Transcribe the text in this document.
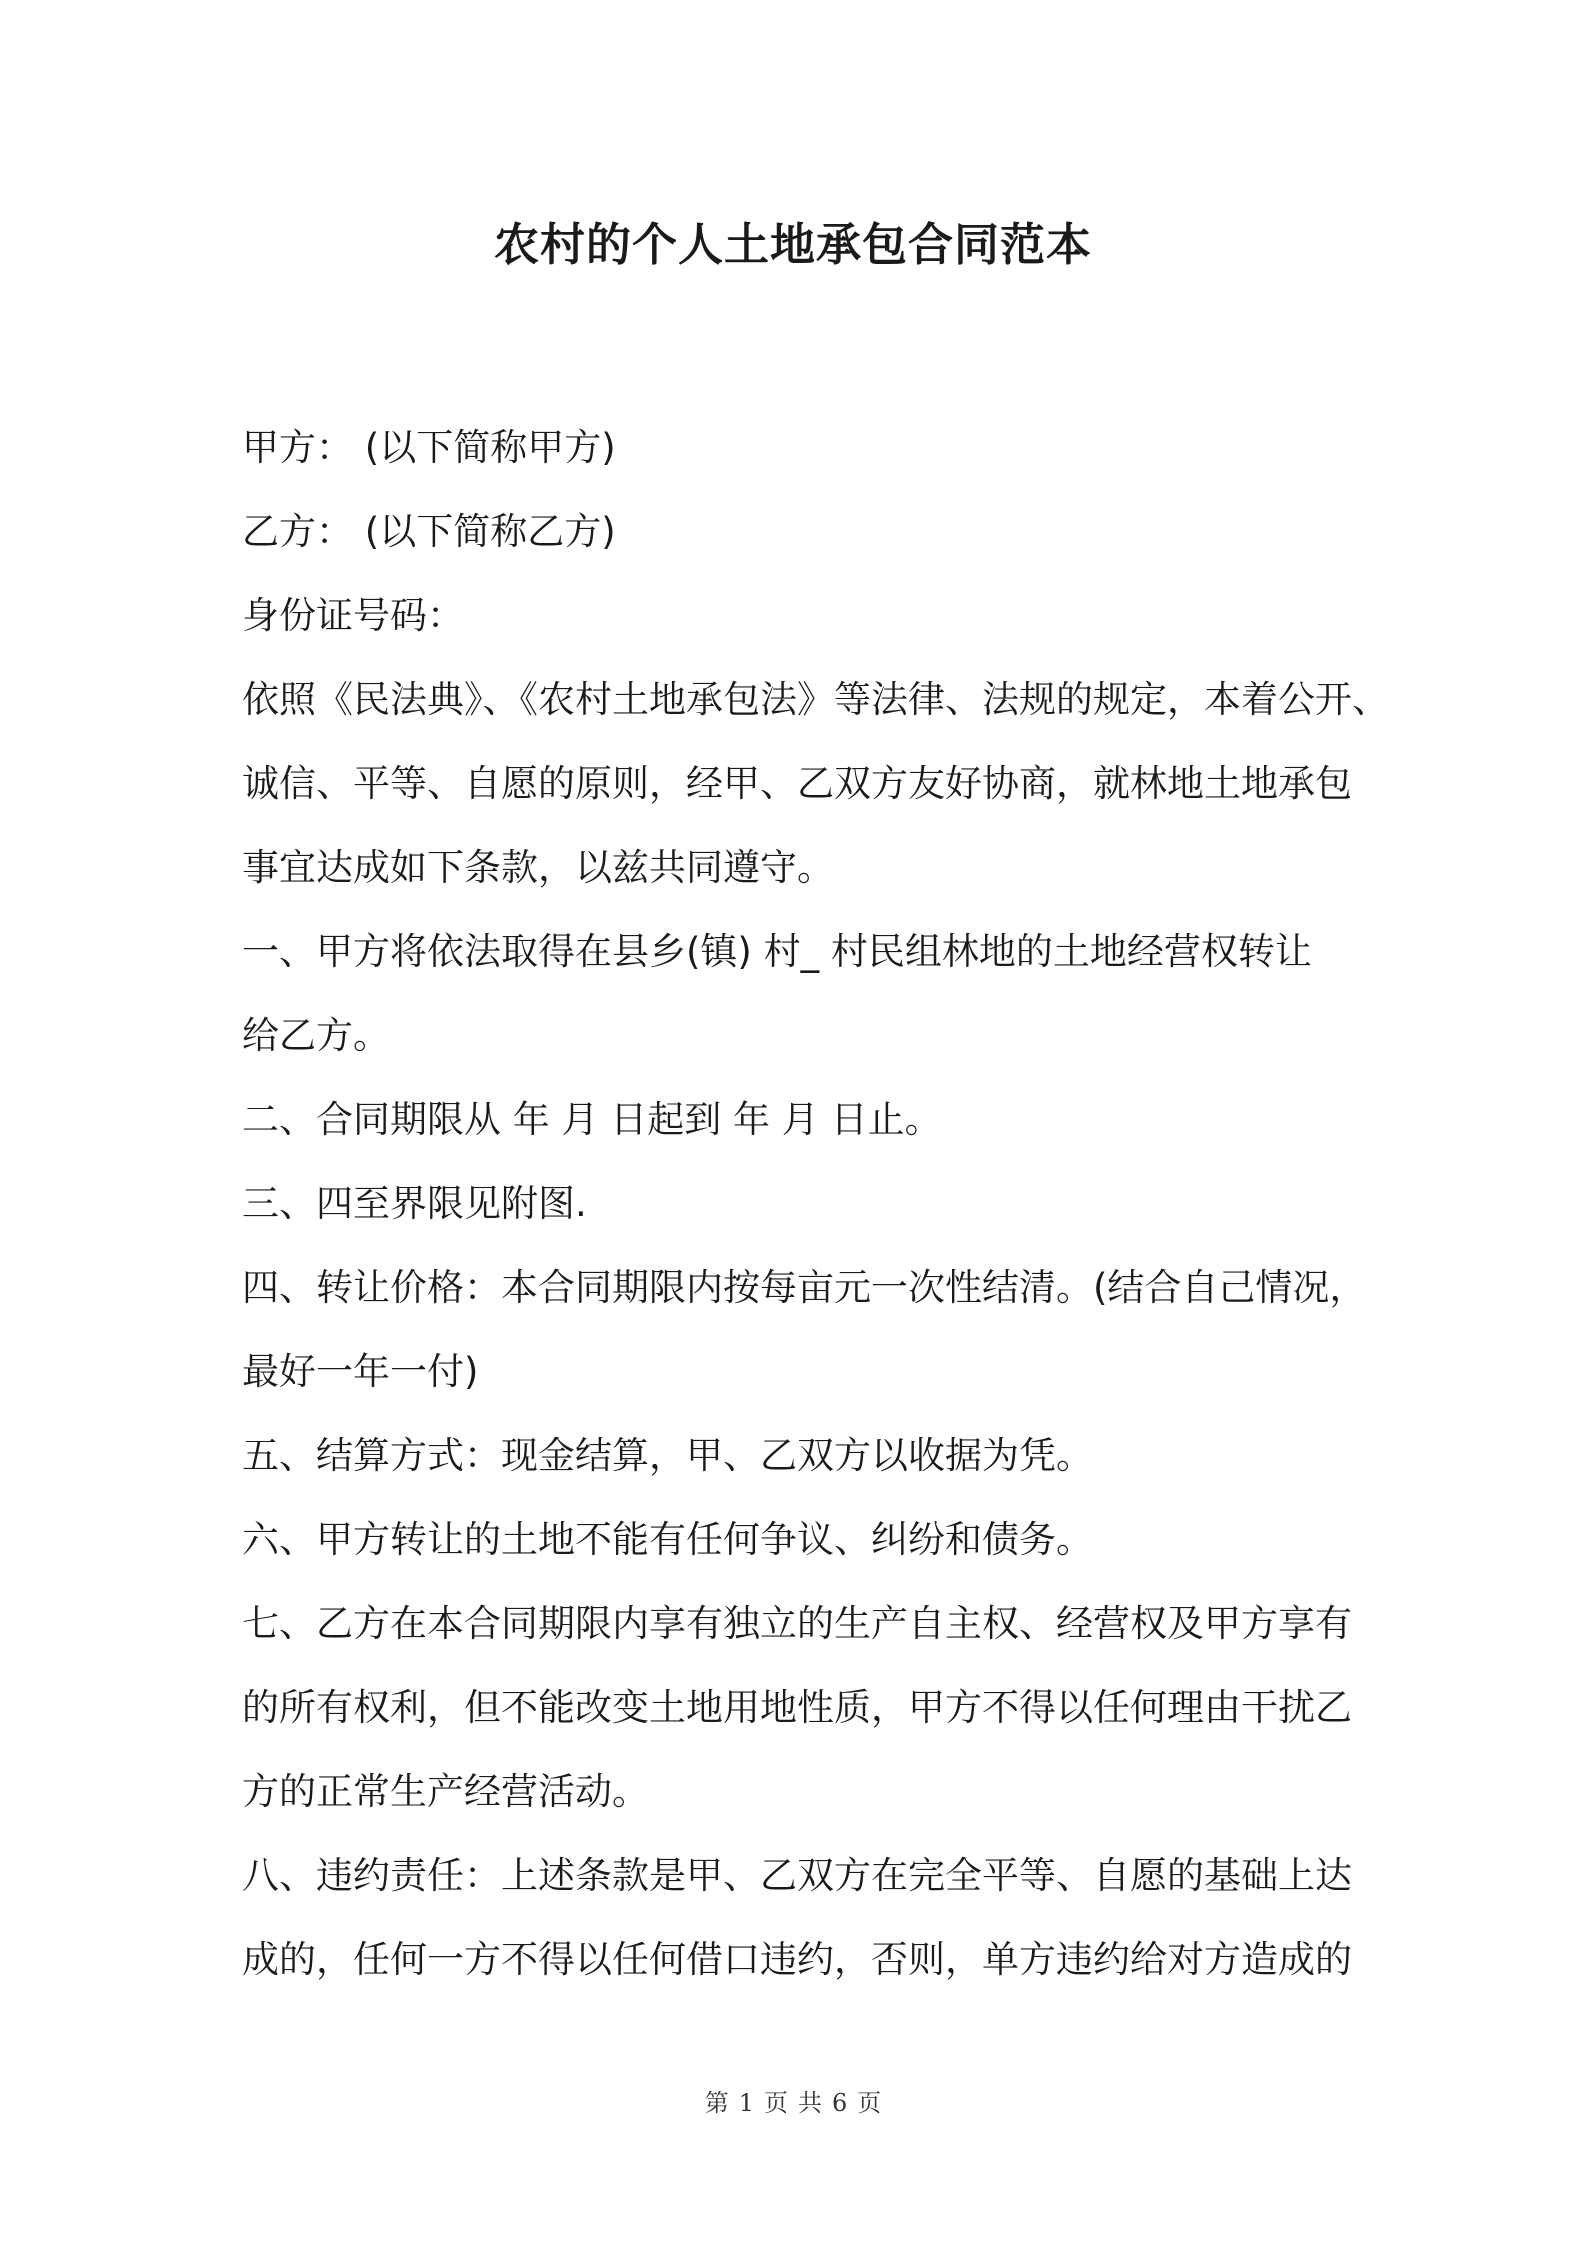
农村的个人土地承包合同范本

甲方： (以下简称甲方)

乙方： (以下简称乙方)

身份证号码：

依照《民法典》、《农村土地承包法》等法律、法规的规定，本着公开、

诚信、平等、自愿的原则，经甲、乙双方友好协商，就林地土地承包

事宜达成如下条款，以兹共同遵守。

一、甲方将依法取得在县乡(镇) 村_ 村民组林地的土地经营权转让

给乙方。

二、合同期限从 年 月 日起到 年 月 日止。

三、四至界限见附图.

四、转让价格：本合同期限内按每亩元一次性结清。(结合自己情况，

最好一年一付)

五、结算方式：现金结算，甲、乙双方以收据为凭。

六、甲方转让的土地不能有任何争议、纠纷和债务。

七、乙方在本合同期限内享有独立的生产自主权、经营权及甲方享有

的所有权利，但不能改变土地用地性质，甲方不得以任何理由干扰乙

方的正常生产经营活动。

八、违约责任：上述条款是甲、乙双方在完全平等、自愿的基础上达

成的，任何一方不得以任何借口违约，否则，单方违约给对方造成的

第 1 页 共 6 页
